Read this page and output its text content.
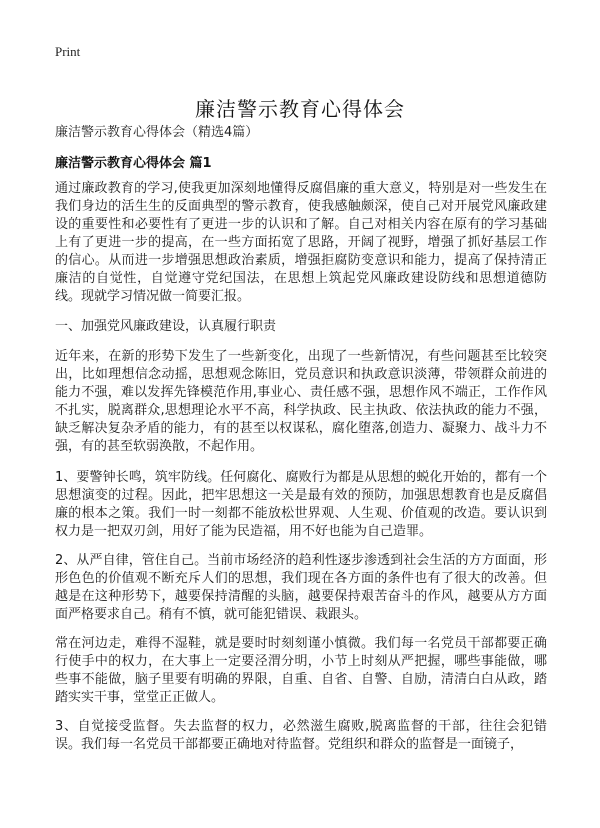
Print
廉洁警示教育心得体会
廉洁警示教育心得体会（精选4篇）
廉洁警示教育心得体会 篇1

通过廉政教育的学习,使我更加深刻地懂得反腐倡廉的重大意义，特别是对一些发生在我们身边的活生生的反面典型的警示教育，使我感触颇深，使自己对开展党风廉政建设的重要性和必要性有了更进一步的认识和了解。自己对相关内容在原有的学习基础上有了更进一步的提高，在一些方面拓宽了思路，开阔了视野，增强了抓好基层工作的信心。从而进一步增强思想政治素质，增强拒腐防变意识和能力，提高了保持清正廉洁的自觉性，自觉遵守党纪国法，在思想上筑起党风廉政建设防线和思想道德防线。现就学习情况做一简要汇报。

一、加强党风廉政建设，认真履行职责

近年来，在新的形势下发生了一些新变化，出现了一些新情况，有些问题甚至比较突出，比如理想信念动摇，思想观念陈旧，党员意识和执政意识淡薄，带领群众前进的能力不强，难以发挥先锋模范作用,事业心、责任感不强，思想作风不端正，工作作风不扎实，脱离群众,思想理论水平不高，科学执政、民主执政、依法执政的能力不强，缺乏解决复杂矛盾的能力，有的甚至以权谋私，腐化堕落,创造力、凝聚力、战斗力不强，有的甚至软弱涣散，不起作用。

1、要警钟长鸣，筑牢防线。任何腐化、腐败行为都是从思想的蜕化开始的，都有一个思想演变的过程。因此，把牢思想这一关是最有效的预防，加强思想教育也是反腐倡廉的根本之策。我们一时一刻都不能放松世界观、人生观、价值观的改造。要认识到权力是一把双刃剑，用好了能为民造福，用不好也能为自己造罪。

2、从严自律，管住自己。当前市场经济的趋利性逐步渗透到社会生活的方方面面，形形色色的价值观不断充斥人们的思想，我们现在各方面的条件也有了很大的改善。但越是在这种形势下，越要保持清醒的头脑，越要保持艰苦奋斗的作风，越要从方方面面严格要求自己。稍有不慎，就可能犯错误、栽跟头。

常在河边走，难得不湿鞋，就是要时时刻刻谨小慎微。我们每一名党员干部都要正确行使手中的权力，在大事上一定要泾渭分明，小节上时刻从严把握，哪些事能做，哪些事不能做，脑子里要有明确的界限，自重、自省、自警、自励，清清白白从政，踏踏实实干事，堂堂正正做人。

3、自觉接受监督。失去监督的权力，必然滋生腐败,脱离监督的干部，往往会犯错误。我们每一名党员干部都要正确地对待监督。党组织和群众的监督是一面镜子，
